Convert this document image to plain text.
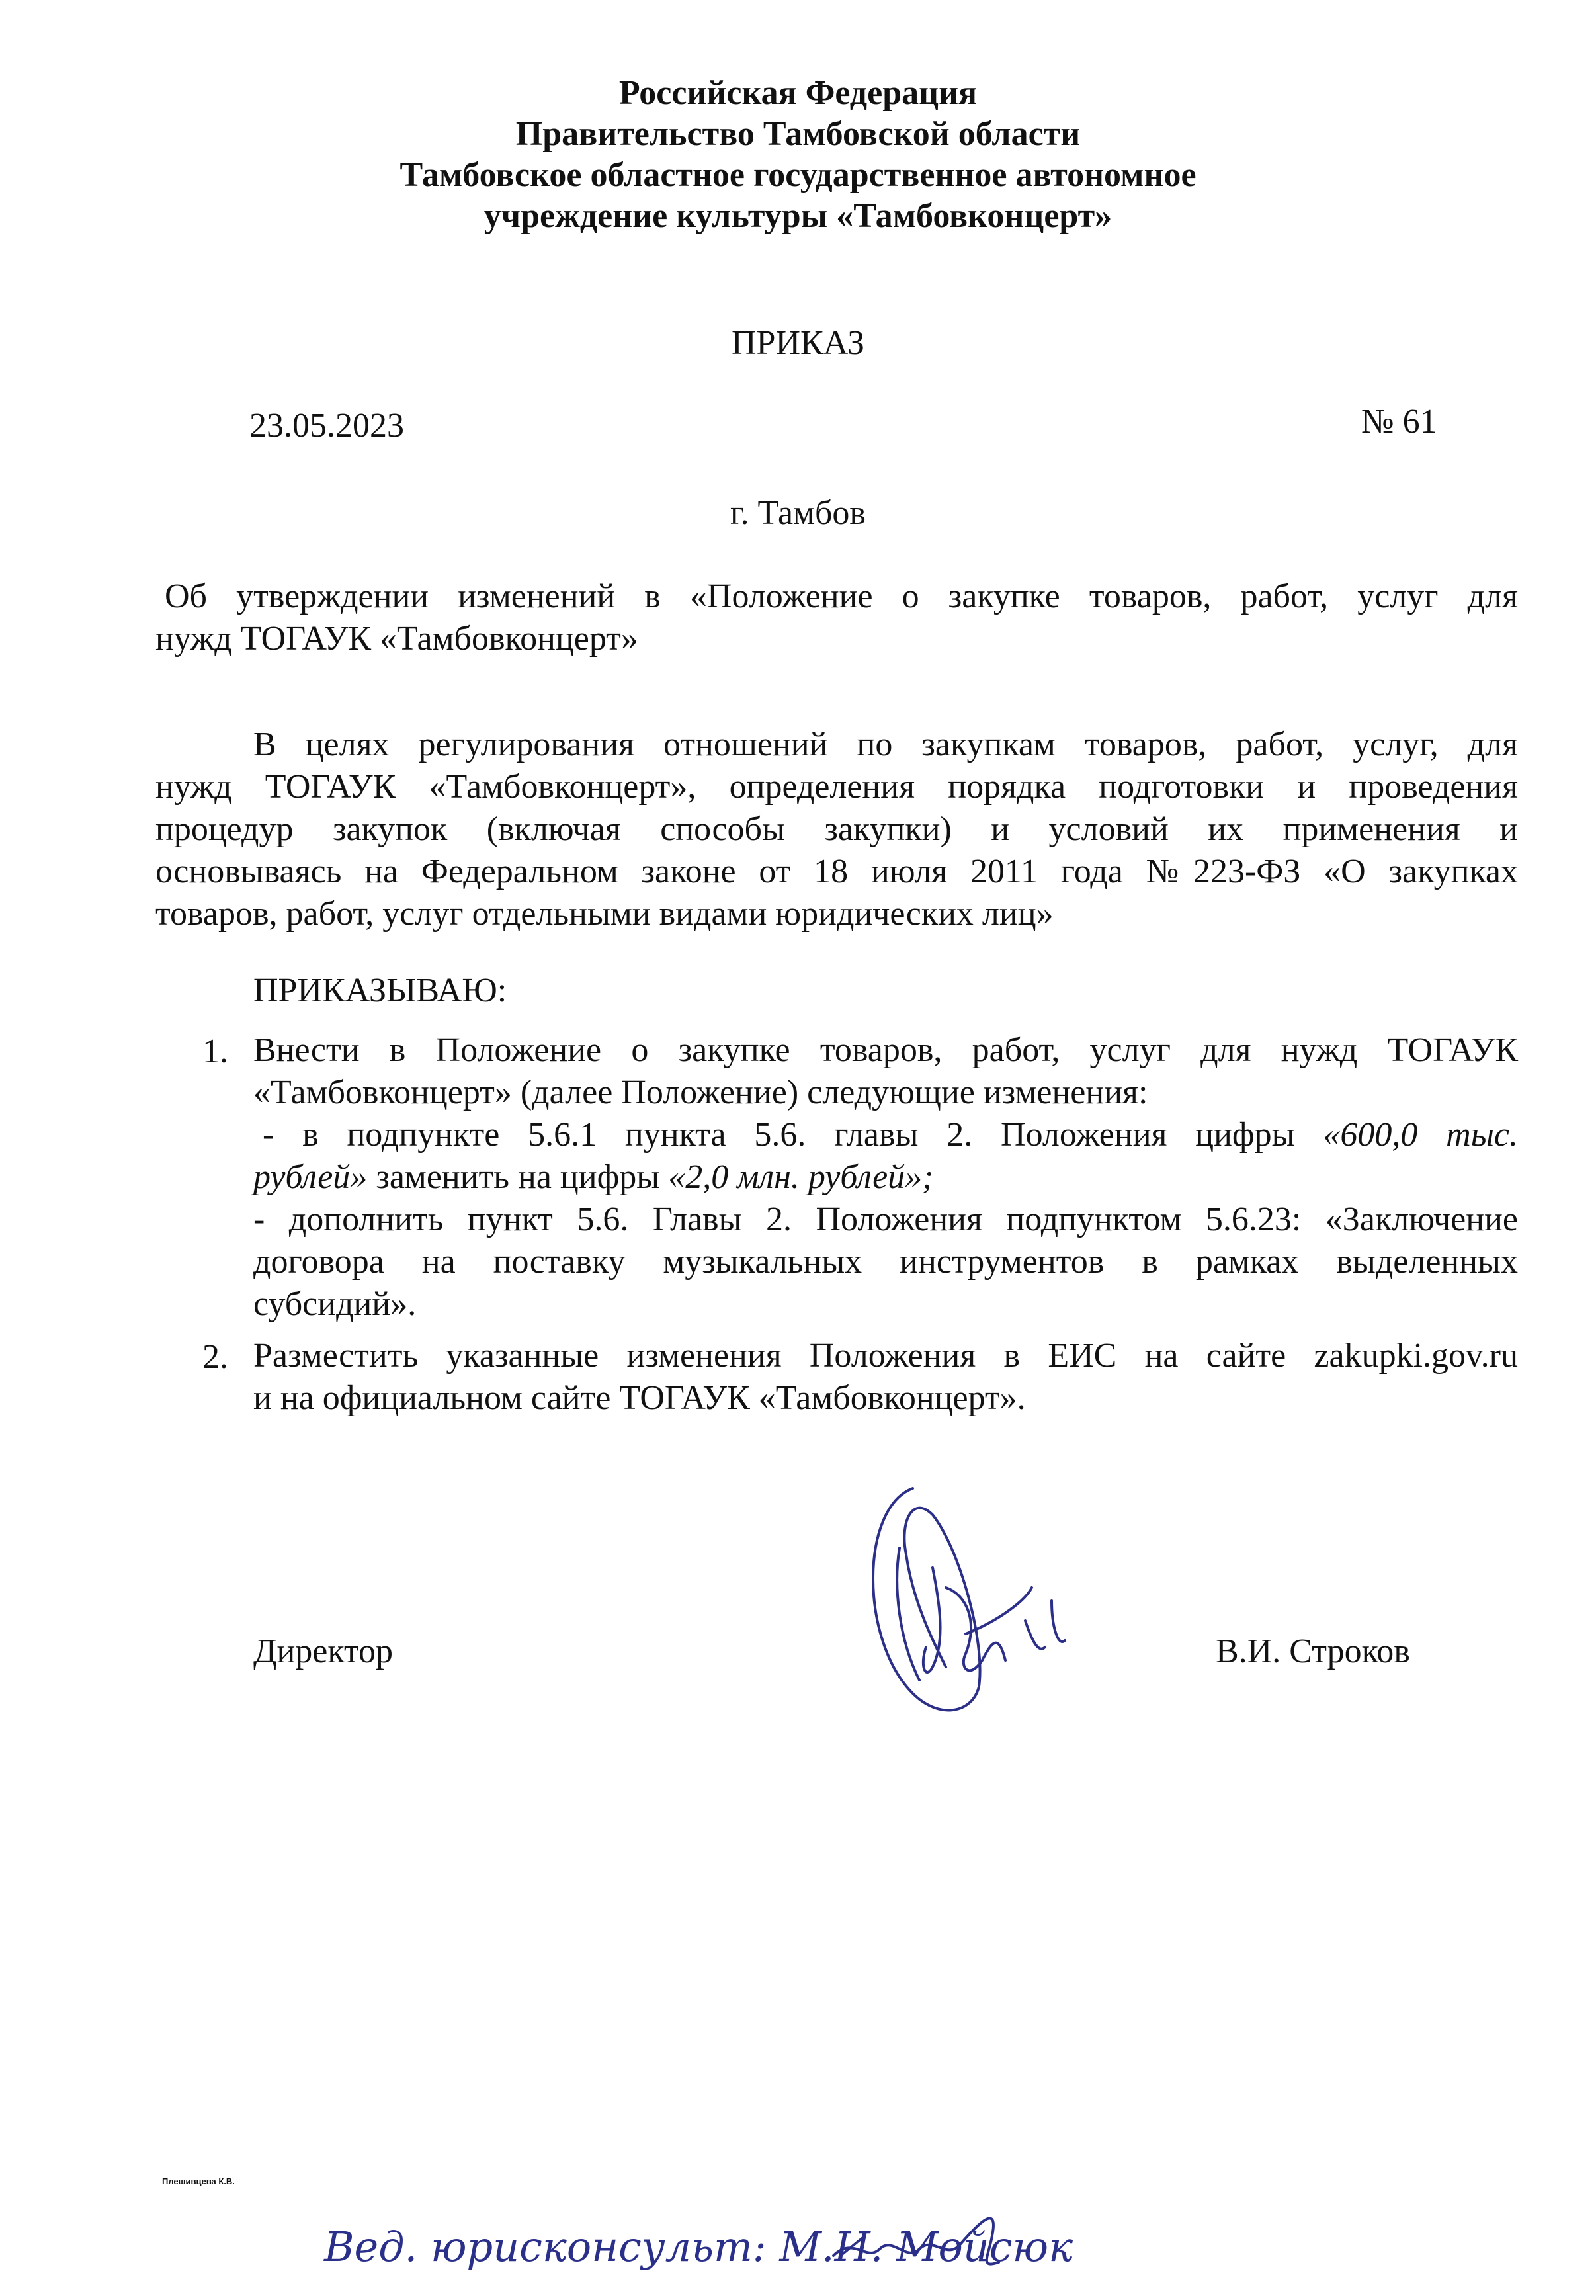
Российская Федерация
Правительство Тамбовской области
Тамбовское областное государственное автономное
учреждение культуры «Тамбовконцерт»
ПРИКАЗ
23.05.2023	№ 61
г. Тамбов
Об утверждении изменений в «Положение о закупке товаров, работ, услуг для
нужд ТОГАУК «Тамбовконцерт»
В целях регулирования отношений по закупкам товаров, работ, услуг, для
нужд ТОГАУК «Тамбовконцерт», определения порядка подготовки и проведения
процедур закупок (включая способы закупки) и условий их применения и
основываясь на Федеральном законе от 18 июля 2011 года №223-ФЗ «О закупках
товаров, работ, услуг отдельными видами юридических лиц»
ПРИКАЗЫВАЮ:
1. Внести в Положение о закупке товаров, работ, услуг для нужд ТОГАУК
«Тамбовконцерт» (далее Положение) следующие изменения:
- в подпункте 5.6.1 пункта 5.6. главы 2. Положения цифры «600,0 тыс.
рублей» заменить на цифры «2,0 млн. рублей»;
- дополнить пункт 5.6. Главы 2. Положения подпунктом 5.6.23: «Заключение
договора на поставку музыкальных инструментов в рамках выделенных
субсидий».
2. Разместить указанные изменения Положения в ЕИС на сайте zakupki.gov.ru
и на официальном сайте ТОГАУК «Тамбовконцерт».
Директор	В.И. Строков
Плешивцева К.В.
Вед. юрисконсульт: М.И. Мойсюк
